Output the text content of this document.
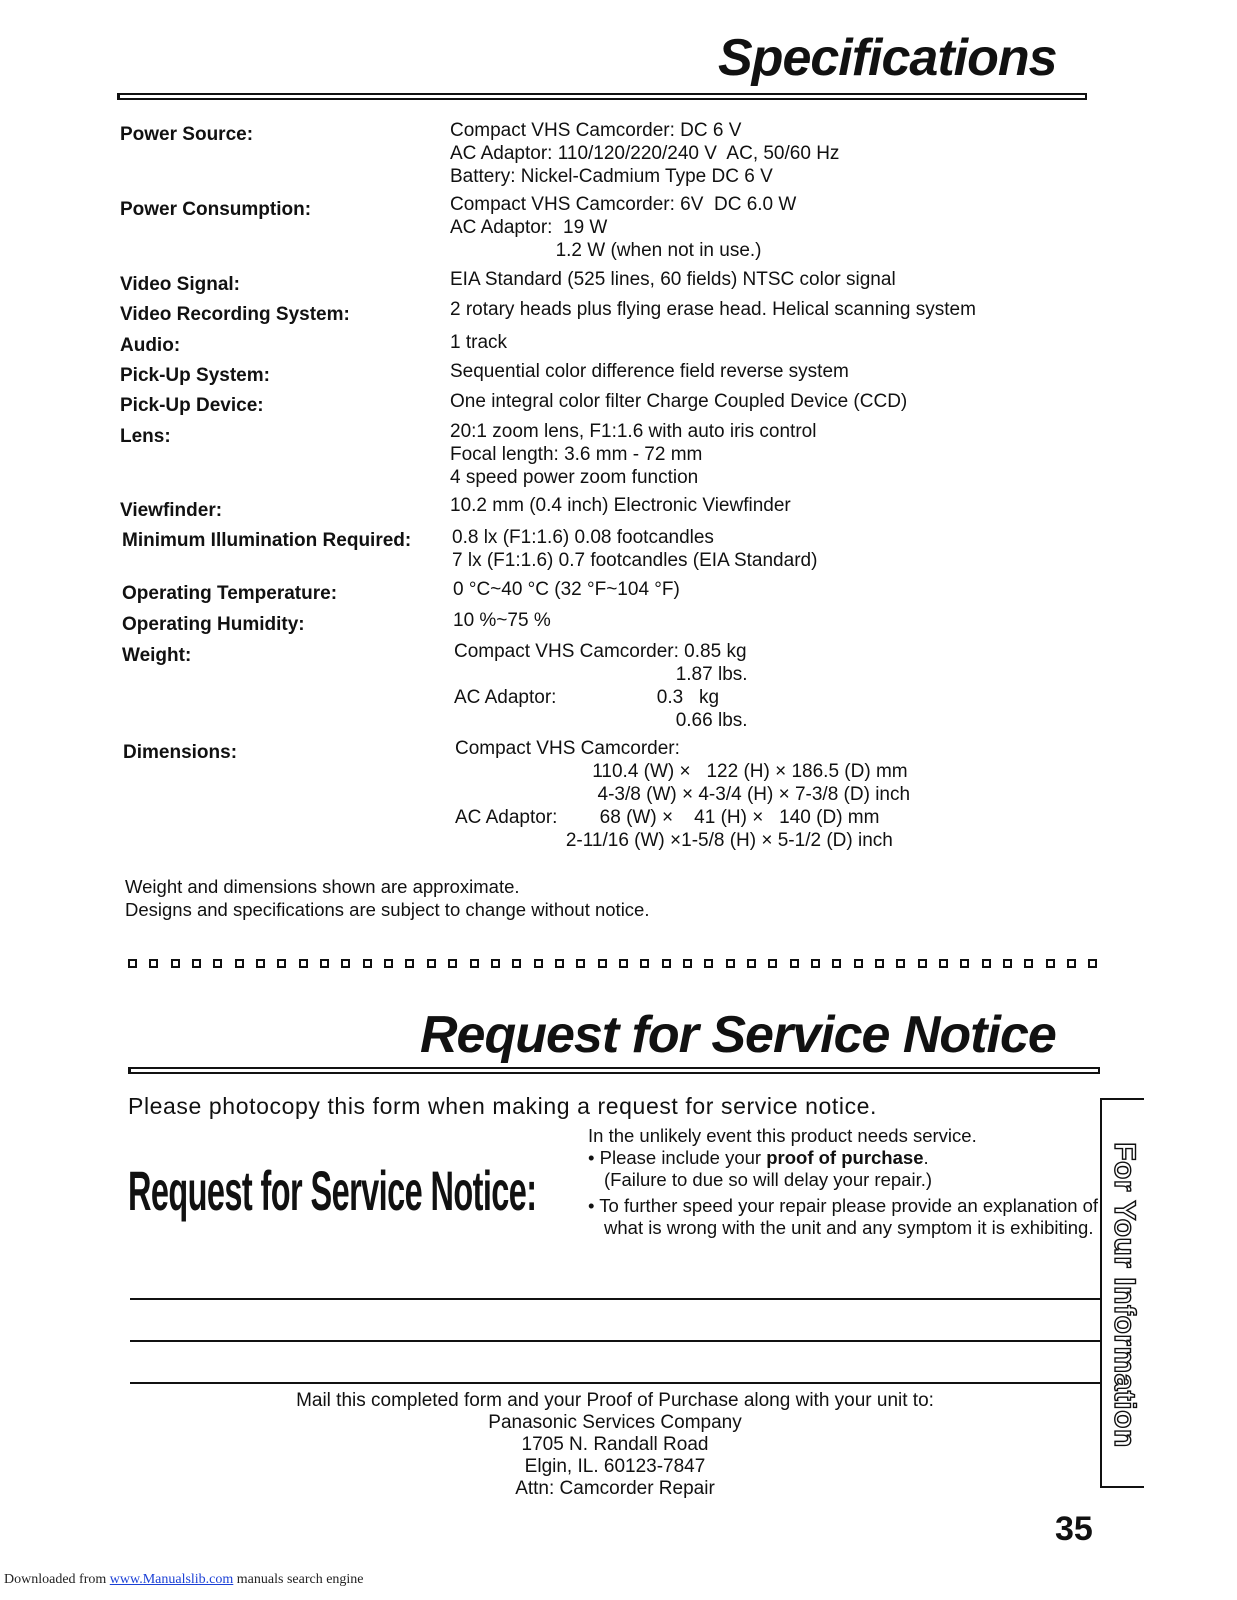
Specifications
Power Source:	Compact VHS Camcorder: DC 6 V
AC Adaptor: 110/120/220/240 V  AC, 50/60 Hz
Battery: Nickel-Cadmium Type DC 6 V
Power Consumption:	Compact VHS Camcorder: 6V  DC 6.0 W
AC Adaptor:  19 W
1.2 W (when not in use.)
Video Signal:	EIA Standard (525 lines, 60 fields) NTSC color signal
Video Recording System:	2 rotary heads plus flying erase head. Helical scanning system
Audio:	1 track
Pick-Up System:	Sequential color difference field reverse system
Pick-Up Device:	One integral color filter Charge Coupled Device (CCD)
Lens:	20:1 zoom lens, F1:1.6 with auto iris control
Focal length: 3.6 mm - 72 mm
4 speed power zoom function
Viewfinder:	10.2 mm (0.4 inch) Electronic Viewfinder
Minimum Illumination Required: 0.8 lx (F1:1.6) 0.08 footcandles
7 lx (F1:1.6) 0.7 footcandles (EIA Standard)
Operating Temperature:	0 °C~40 °C (32 °F~104 °F)
Operating Humidity:	10 %~75 %
Weight:	Compact VHS Camcorder: 0.85 kg
1.87 lbs.
AC Adaptor:                   0.3   kg
0.66 lbs.
Dimensions:	Compact VHS Camcorder:
110.4 (W) ×   122 (H) × 186.5 (D) mm
4-3/8 (W) × 4-3/4 (H) × 7-3/8 (D) inch
AC Adaptor:        68 (W) ×    41 (H) ×   140 (D) mm
2-11/16 (W) ×1-5/8 (H) × 5-1/2 (D) inch
Weight and dimensions shown are approximate.
Designs and specifications are subject to change without notice.
Request for Service Notice
Please photocopy this form when making a request for service notice.
Request for Service Notice:
In the unlikely event this product needs service.
• Please include your proof of purchase.
(Failure to due so will delay your repair.)
• To further speed your repair please provide an explanation of what is wrong with the unit and any symptom it is exhibiting. For Your Information
Mail this completed form and your Proof of Purchase along with your unit to:
Panasonic Services Company
1705 N. Randall Road
Elgin, IL. 60123-7847
Attn: Camcorder Repair
35
Downloaded from www.Manualslib.com manuals search engine
